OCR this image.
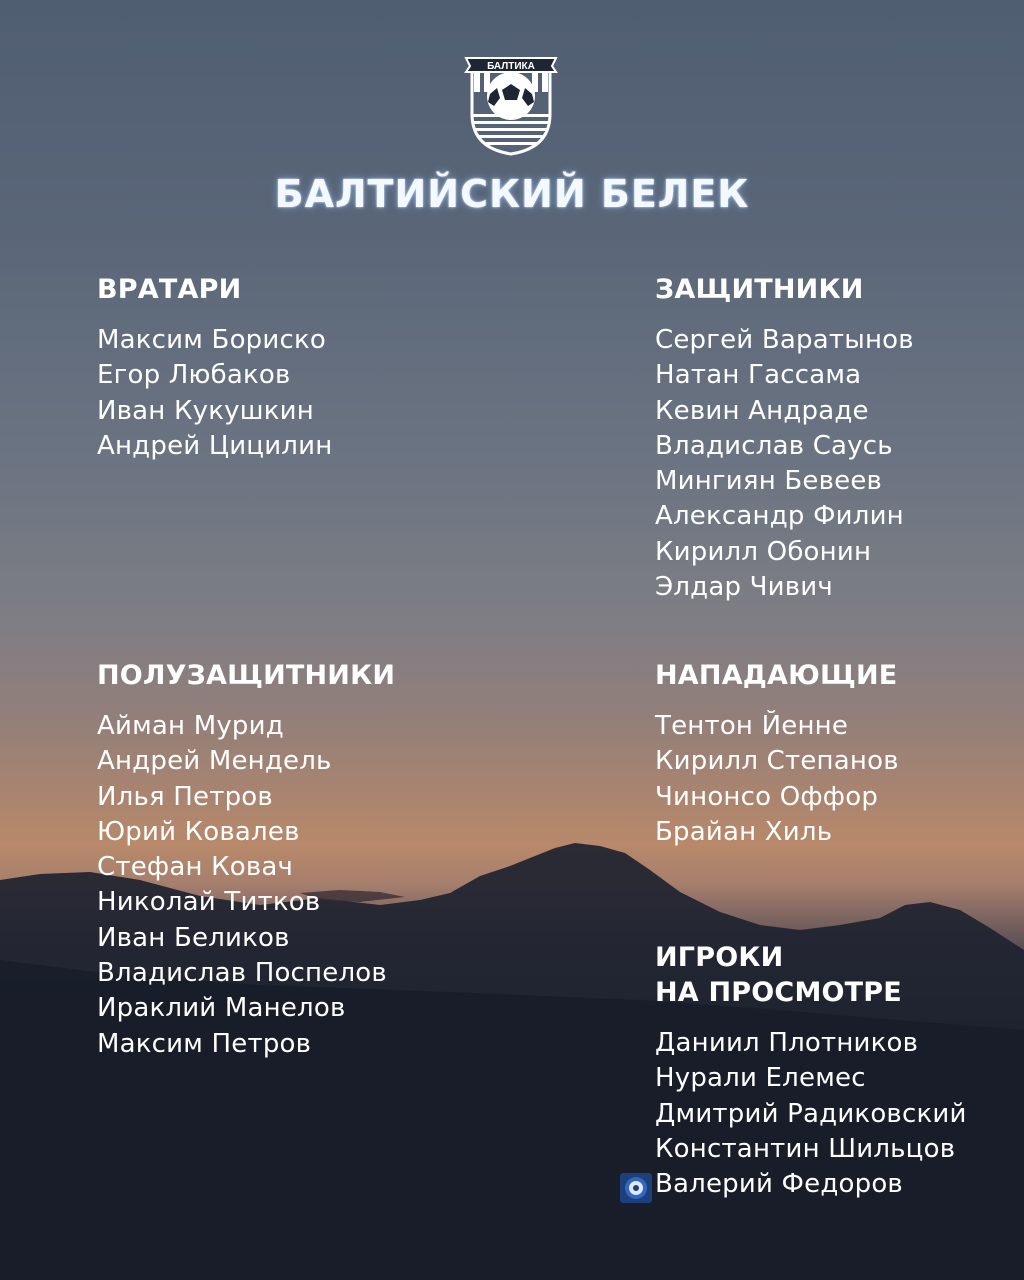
БАЛТИКА
БАЛТИЙСКИЙ БЕЛЕК
ВРАТАРИ
Максим Бориско
Егор Любаков
Иван Кукушкин
Андрей Цицилин
ЗАЩИТНИКИ
Сергей Варатынов
Натан Гассама
Кевин Андраде
Владислав Саусь
Мингиян Бевеев
Александр Филин
Кирилл Обонин
Элдар Чивич
ПОЛУЗАЩИТНИКИ
Айман Мурид
Андрей Мендель
Илья Петров
Юрий Ковалев
Стефан Ковач
Николай Титков
Иван Беликов
Владислав Поспелов
Ираклий Манелов
Максим Петров
НАПАДАЮЩИЕ
Тентон Йенне
Кирилл Степанов
Чинонсо Оффор
Брайан Хиль
ИГРОКИ
НА ПРОСМОТРЕ
Даниил Плотников
Нурали Елемес
Дмитрий Радиковский
Константин Шильцов
Валерий Федоров
